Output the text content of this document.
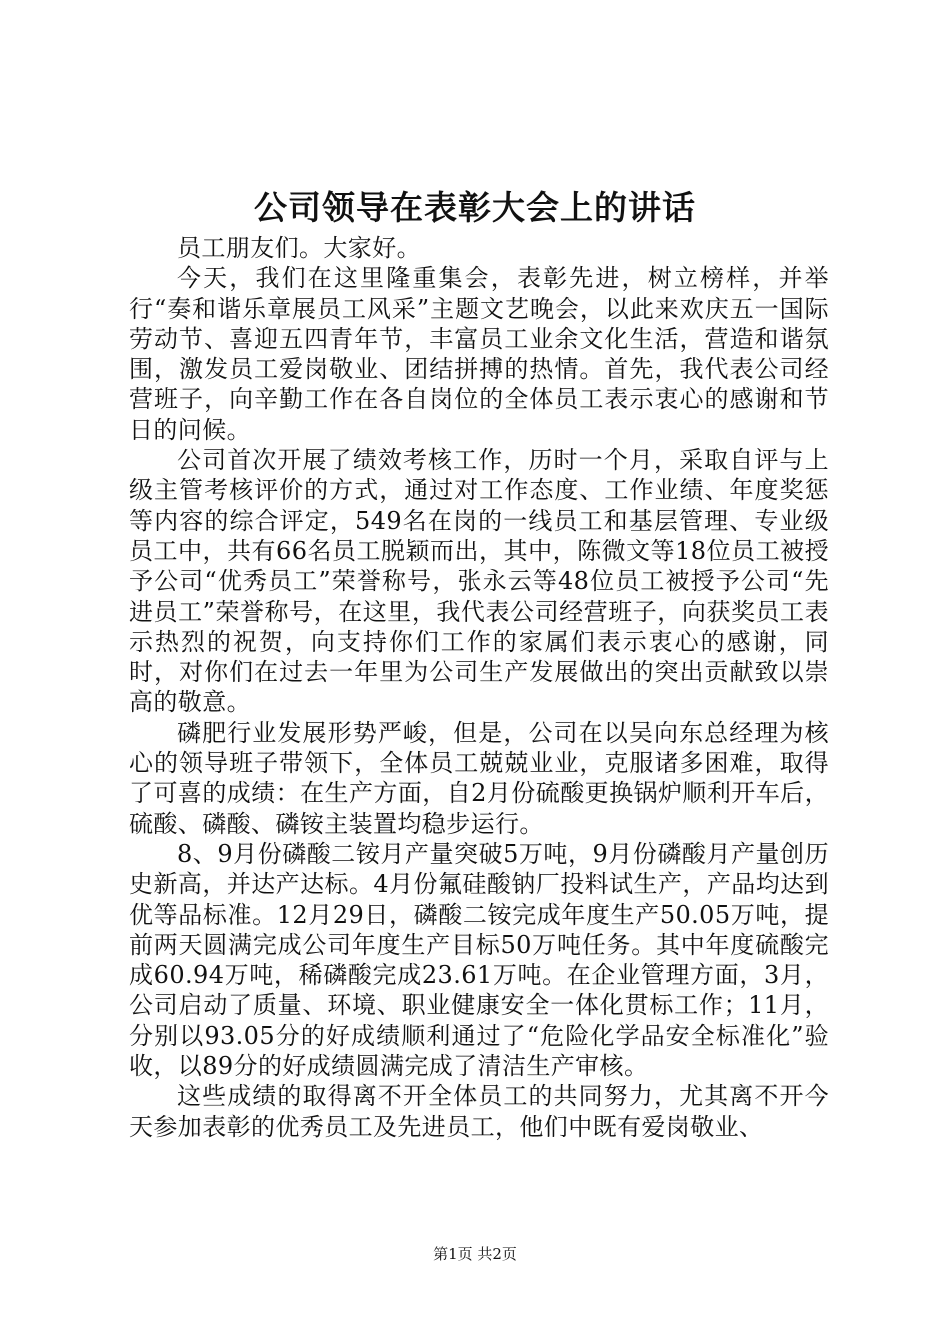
公司领导在表彰大会上的讲话

员工朋友们。大家好。

今天，我们在这里隆重集会，表彰先进，树立榜样，并举行“奏和谐乐章展员工风采”主题文艺晚会，以此来欢庆五一国际劳动节、喜迎五四青年节，丰富员工业余文化生活，营造和谐氛围，激发员工爱岗敬业、团结拼搏的热情。首先，我代表公司经营班子，向辛勤工作在各自岗位的全体员工表示衷心的感谢和节日的问候。

公司首次开展了绩效考核工作，历时一个月，采取自评与上级主管考核评价的方式，通过对工作态度、工作业绩、年度奖惩等内容的综合评定，549名在岗的一线员工和基层管理、专业级员工中，共有66名员工脱颖而出，其中，陈微文等18位员工被授予公司“优秀员工”荣誉称号，张永云等48位员工被授予公司“先进员工”荣誉称号，在这里，我代表公司经营班子，向获奖员工表示热烈的祝贺，向支持你们工作的家属们表示衷心的感谢，同时，对你们在过去一年里为公司生产发展做出的突出贡献致以崇高的敬意。

磷肥行业发展形势严峻，但是，公司在以吴向东总经理为核心的领导班子带领下，全体员工兢兢业业，克服诸多困难，取得了可喜的成绩：在生产方面，自2月份硫酸更换锅炉顺利开车后，硫酸、磷酸、磷铵主装置均稳步运行。

8、9月份磷酸二铵月产量突破5万吨，9月份磷酸月产量创历史新高，并达产达标。4月份氟硅酸钠厂投料试生产，产品均达到优等品标准。12月29日，磷酸二铵完成年度生产50.05万吨，提前两天圆满完成公司年度生产目标50万吨任务。其中年度硫酸完成60.94万吨，稀磷酸完成23.61万吨。在企业管理方面，3月，公司启动了质量、环境、职业健康安全一体化贯标工作；11月，分别以93.05分的好成绩顺利通过了“危险化学品安全标准化”验收，以89分的好成绩圆满完成了清洁生产审核。

这些成绩的取得离不开全体员工的共同努力，尤其离不开今天参加表彰的优秀员工及先进员工，他们中既有爱岗敬业、

第1页 共2页
